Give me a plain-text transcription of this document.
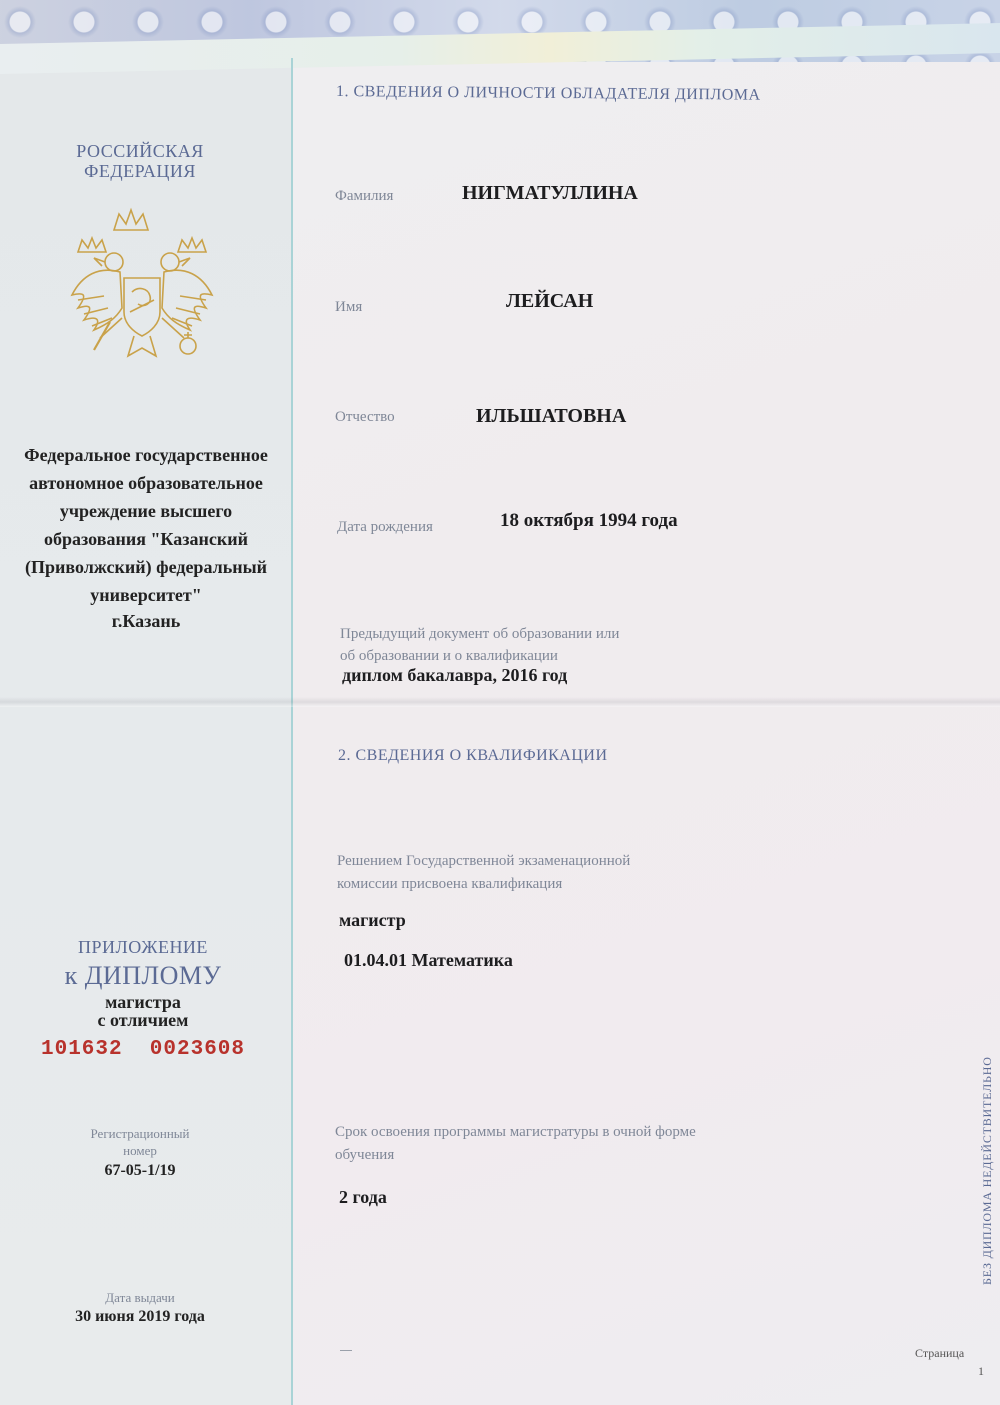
РОССИЙСКАЯ
ФЕДЕРАЦИЯ
Федеральное государственное
автономное образовательное
учреждение высшего
образования "Казанский
(Приволжский) федеральный
университет"
г.Казань
ПРИЛОЖЕНИЕ
к ДИПЛОМУ
магистра
с отличием
101632  0023608
Регистрационный
номер
67-05-1/19
Дата выдачи
30 июня 2019 года
1. СВЕДЕНИЯ О ЛИЧНОСТИ ОБЛАДАТЕЛЯ ДИПЛОМА
Фамилия	НИГМАТУЛЛИНА
Имя	ЛЕЙСАН
Отчество	ИЛЬШАТОВНА
Дата рождения	18 октября 1994 года
Предыдущий документ об образовании или
об образовании и о квалификации
диплом бакалавра, 2016 год
2. СВЕДЕНИЯ О КВАЛИФИКАЦИИ
Решением Государственной экзаменационной
комиссии присвоена квалификация
магистр
01.04.01 Математика
Срок освоения программы магистратуры в очной форме
обучения
2 года	БЕЗ ДИПЛОМА НЕДЕЙСТВИТЕЛЬНО
Страница
1
